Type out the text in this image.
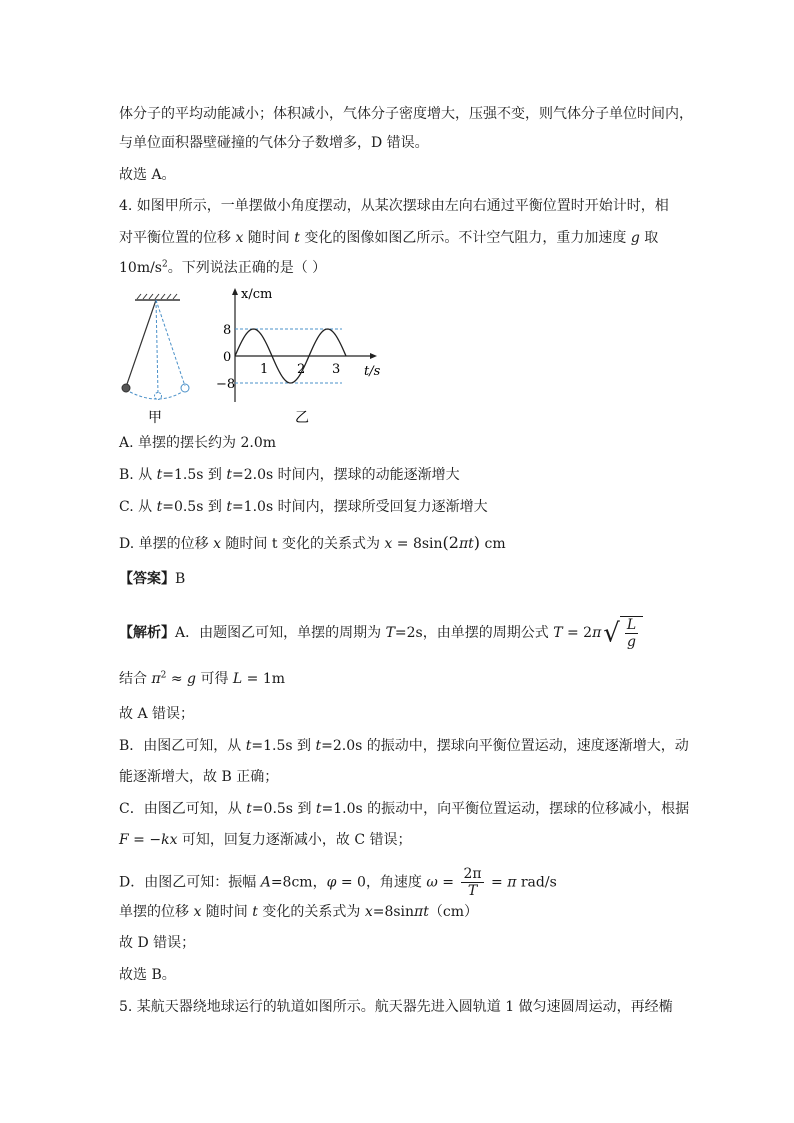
体分子的平均动能减小；体积减小，气体分子密度增大，压强不变，则气体分子单位时间内，
与单位面积器壁碰撞的气体分子数增多，D 错误。
故选 A。
4. 如图甲所示，一单摆做小角度摆动，从某次摆球由左向右通过平衡位置时开始计时，相
对平衡位置的位移 x 随时间 t 变化的图像如图乙所示。不计空气阻力，重力加速度 g 取
$10m/s^2$。下列说法正确的是（ ）
甲
x/cm
t/s
8
0
−8
1 2 3
乙
A. 单摆的摆长约为 2.0m
B. 从 t=1.5s 到 t=2.0s 时间内，摆球的动能逐渐增大
C. 从 t=0.5s 到 t=1.0s 时间内，摆球所受回复力逐渐增大
D. 单摆的位移 x 随时间 t 变化的关系式为 x = 8sin(2πt) cm
【答案】B
【解析】A．由题图乙可知，单摆的周期为 T=2s，由单摆的周期公式 $T = 2\pi√ \frac{L}{g}$
结合 $\pi^2 \approx g$ 可得 L = 1m
故 A 错误；
B．由图乙可知，从 t=1.5s 到 t=2.0s 的振动中，摆球向平衡位置运动，速度逐渐增大，动
能逐渐增大，故 B 正确；
C．由图乙可知，从 t=0.5s 到 t=1.0s 的振动中，向平衡位置运动，摆球的位移减小，根据
F = −kx 可知，回复力逐渐减小，故 C 错误；
D．由图乙可知：振幅 A=8cm，φ = 0，角速度 $\omega = \frac{2\pi}{T} = \pi$ rad/s
单摆的位移 x 随时间 t 变化的关系式为 x=8sinπt（cm）
故 D 错误；
故选 B。
5. 某航天器绕地球运行的轨道如图所示。航天器先进入圆轨道 1 做匀速圆周运动，再经椭
